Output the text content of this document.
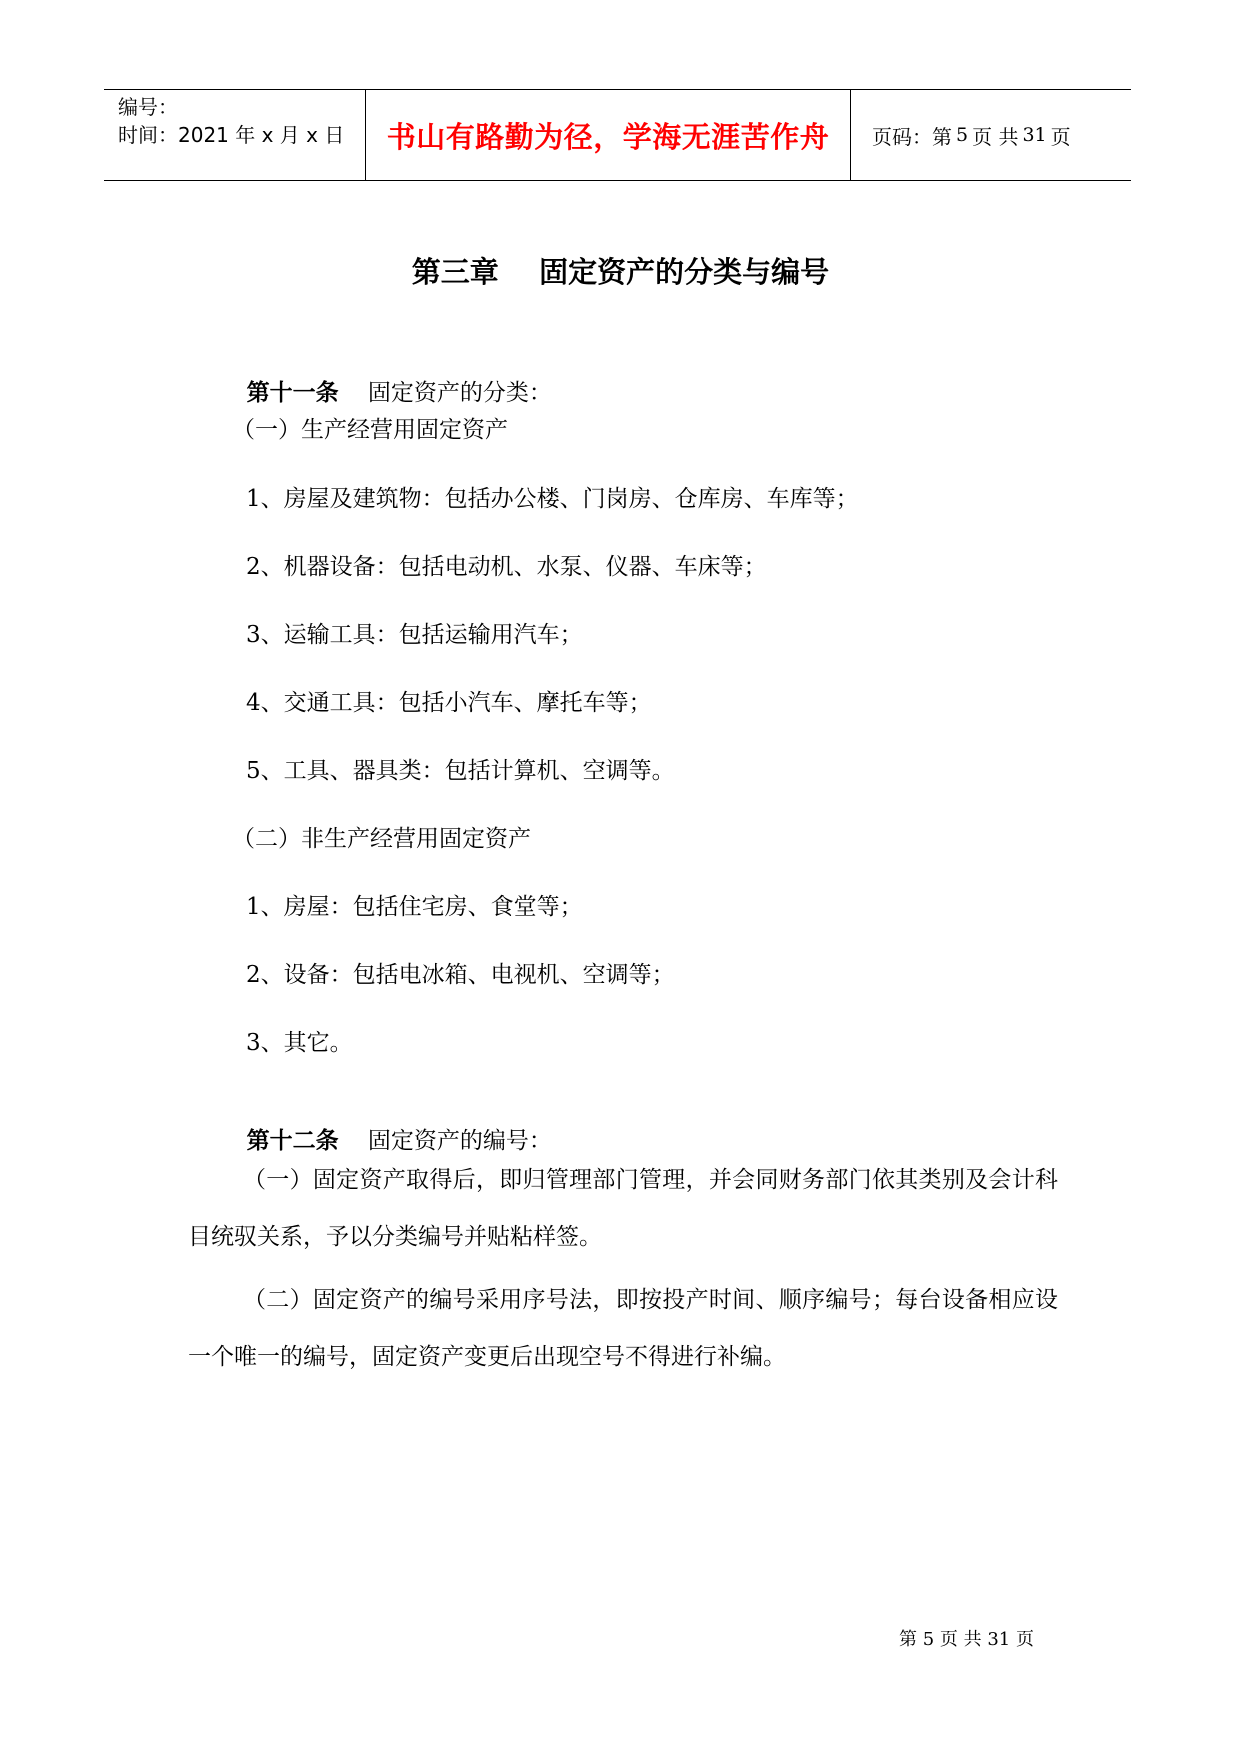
编号：
时间：2021 年 x 月 x 日	书山有路勤为径，学海无涯苦作舟	页码：第 5 页 共 31 页
第三章    固定资产的分类与编号

第十一条 固定资产的分类：

（一）生产经营用固定资产
1、房屋及建筑物：包括办公楼、门岗房、仓库房、车库等；
2、机器设备：包括电动机、水泵、仪器、车床等；
3、运输工具：包括运输用汽车；
4、交通工具：包括小汽车、摩托车等；
5、工具、器具类：包括计算机、空调等。
（二）非生产经营用固定资产
1、房屋：包括住宅房、食堂等；
2、设备：包括电冰箱、电视机、空调等；
3、其它。

第十二条 固定资产的编号：

（一）固定资产取得后，即归管理部门管理，并会同财务部门依其类别及会计科目统驭关系，予以分类编号并贴粘样签。
（二）固定资产的编号采用序号法，即按投产时间、顺序编号；每台设备相应设一个唯一的编号，固定资产变更后出现空号不得进行补编。
第 5 页 共 31 页
